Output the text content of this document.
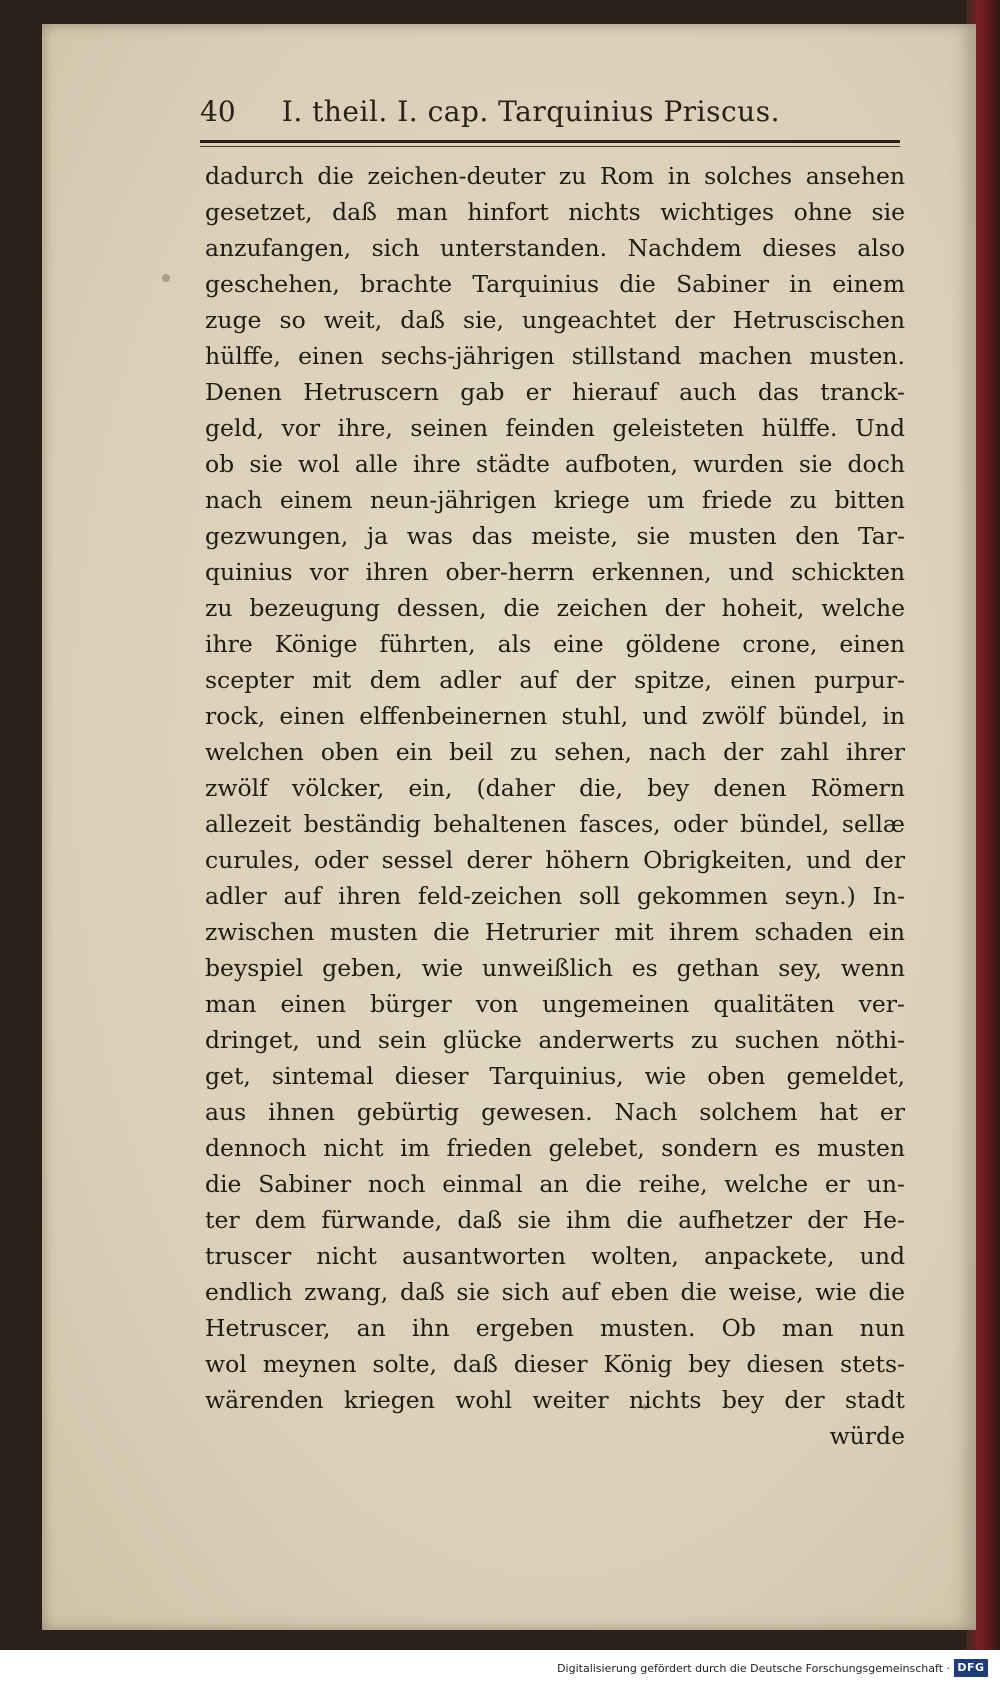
40	I. theil. I. cap. Tarquinius Priscus.
dadurch die zeichen-deuter zu Rom in solches ansehen
gesetzet, daß man hinfort nichts wichtiges ohne sie
anzufangen, sich unterstanden. Nachdem dieses also
geschehen, brachte Tarquinius die Sabiner in einem
zuge so weit, daß sie, ungeachtet der Hetruscischen
hülffe, einen sechs-jährigen stillstand machen musten.
Denen Hetruscern gab er hierauf auch das tranck-
geld, vor ihre, seinen feinden geleisteten hülffe. Und
ob sie wol alle ihre städte aufboten, wurden sie doch
nach einem neun-jährigen kriege um friede zu bitten
gezwungen, ja was das meiste, sie musten den Tar-
quinius vor ihren ober-herrn erkennen, und schickten
zu bezeugung dessen, die zeichen der hoheit, welche
ihre Könige führten, als eine göldene crone, einen
scepter mit dem adler auf der spitze, einen purpur-
rock, einen elffenbeinernen stuhl, und zwölf bündel, in
welchen oben ein beil zu sehen, nach der zahl ihrer
zwölf völcker, ein, (daher die, bey denen Römern
allezeit beständig behaltenen fasces, oder bündel, sellæ
curules, oder sessel derer höhern Obrigkeiten, und der
adler auf ihren feld-zeichen soll gekommen seyn.) In-
zwischen musten die Hetrurier mit ihrem schaden ein
beyspiel geben, wie unweißlich es gethan sey, wenn
man einen bürger von ungemeinen qualitäten ver-
dringet, und sein glücke anderwerts zu suchen nöthi-
get, sintemal dieser Tarquinius, wie oben gemeldet,
aus ihnen gebürtig gewesen. Nach solchem hat er
dennoch nicht im frieden gelebet, sondern es musten
die Sabiner noch einmal an die reihe, welche er un-
ter dem fürwande, daß sie ihm die aufhetzer der He-
truscer nicht ausantworten wolten, anpackete, und
endlich zwang, daß sie sich auf eben die weise, wie die
Hetruscer, an ihn ergeben musten. Ob man nun
wol meynen solte, daß dieser König bey diesen stets-
wärenden kriegen wohl weiter nichts bey der stadt
würde
Digitalisierung gefördert durch die Deutsche Forschungsgemeinschaft · DFG
